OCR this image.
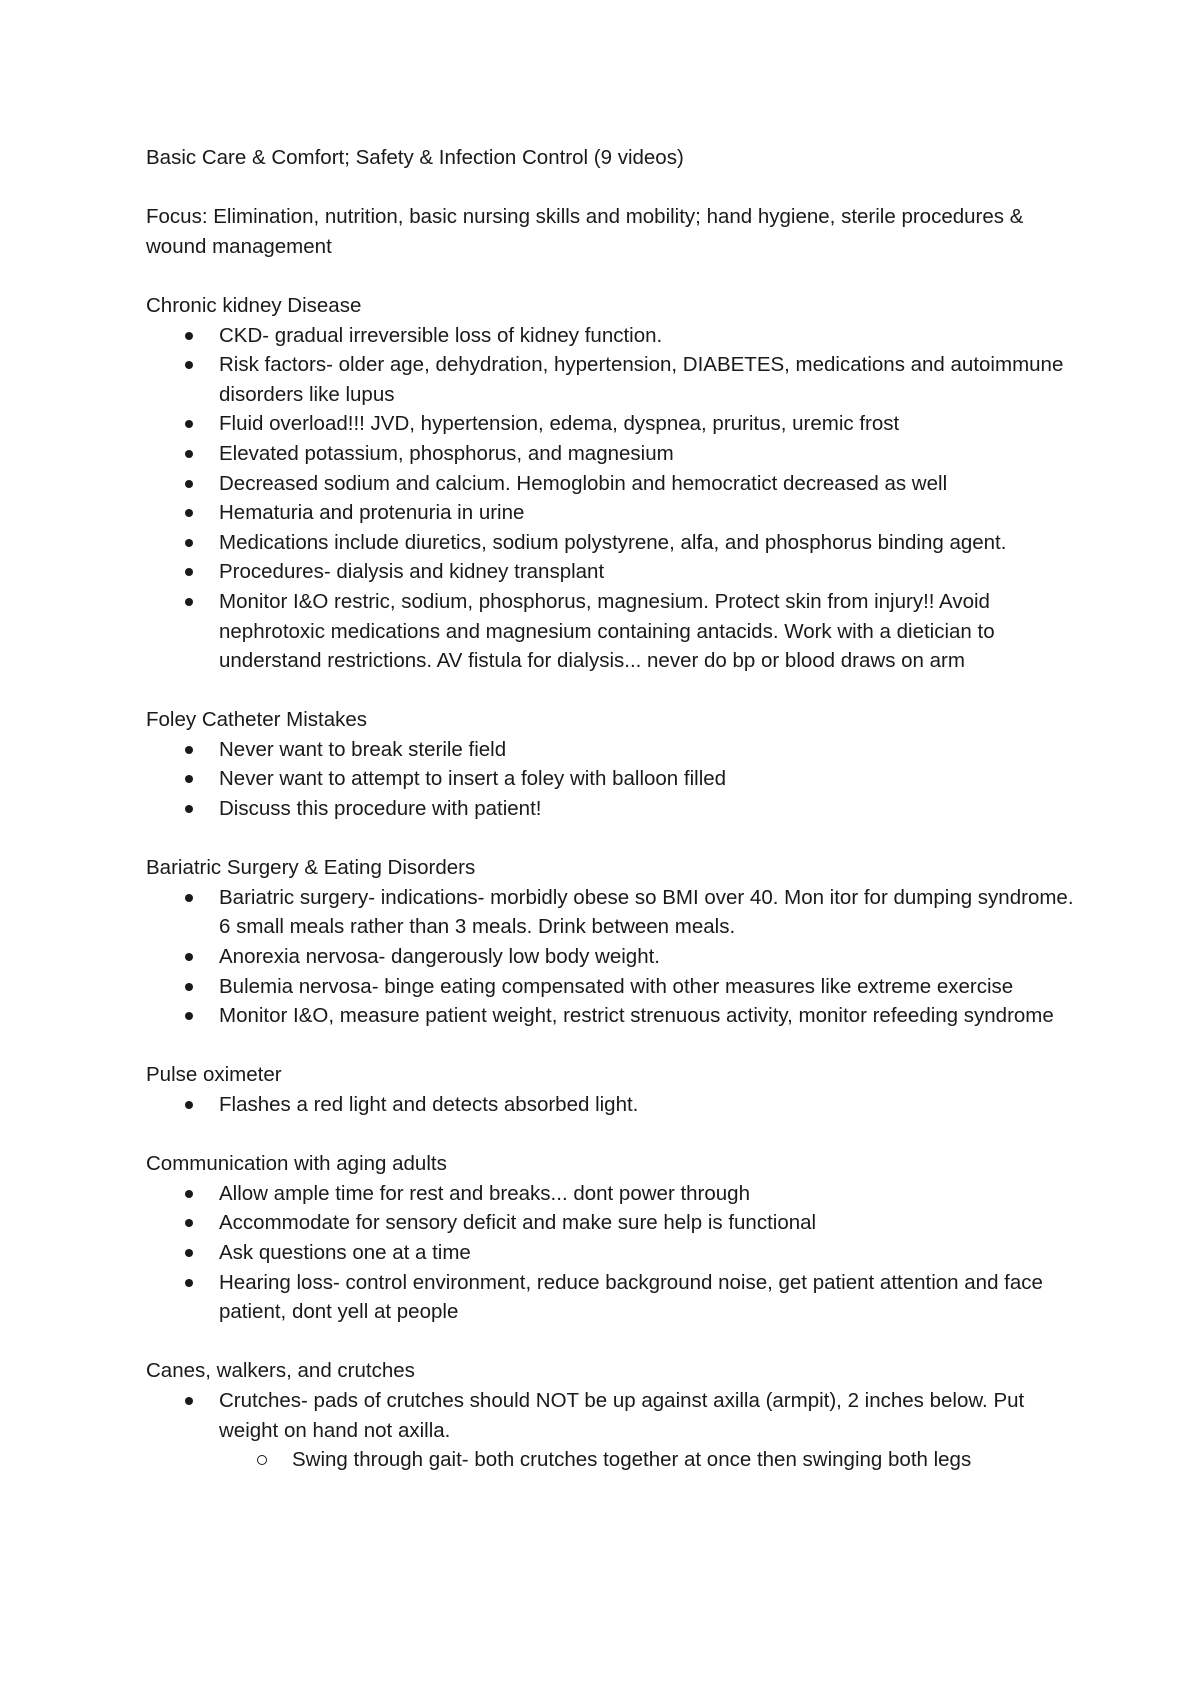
Basic Care & Comfort; Safety & Infection Control (9 videos)

Focus: Elimination, nutrition, basic nursing skills and mobility; hand hygiene, sterile procedures & wound management

Chronic kidney Disease

CKD- gradual irreversible loss of kidney function.
Risk factors- older age, dehydration, hypertension, DIABETES, medications and autoimmune disorders like lupus
Fluid overload!!! JVD, hypertension, edema, dyspnea, pruritus, uremic frost
Elevated potassium, phosphorus, and magnesium
Decreased sodium and calcium. Hemoglobin and hemocratict decreased as well
Hematuria and protenuria in urine
Medications include diuretics, sodium polystyrene, alfa, and phosphorus binding agent.
Procedures- dialysis and kidney transplant
Monitor I&O restric, sodium, phosphorus, magnesium. Protect skin from injury!! Avoid nephrotoxic medications and magnesium containing antacids. Work with a dietician to understand restrictions. AV fistula for dialysis... never do bp or blood draws on arm

Foley Catheter Mistakes

Never want to break sterile field
Never want to attempt to insert a foley with balloon filled
Discuss this procedure with patient!

Bariatric Surgery & Eating Disorders

Bariatric surgery- indications- morbidly obese so BMI over 40. Mon itor for dumping syndrome. 6 small meals rather than 3 meals. Drink between meals.
Anorexia nervosa- dangerously low body weight.
Bulemia nervosa- binge eating compensated with other measures like extreme exercise
Monitor I&O, measure patient weight, restrict strenuous activity, monitor refeeding syndrome

Pulse oximeter

Flashes a red light and detects absorbed light.

Communication with aging adults

Allow ample time for rest and breaks... dont power through
Accommodate for sensory deficit and make sure help is functional
Ask questions one at a time
Hearing loss- control environment, reduce background noise, get patient attention and face patient, dont yell at people

Canes, walkers, and crutches

Crutches- pads of crutches should NOT be up against axilla (armpit), 2 inches below. Put weight on hand not axilla.
Swing through gait- both crutches together at once then swinging both legs
